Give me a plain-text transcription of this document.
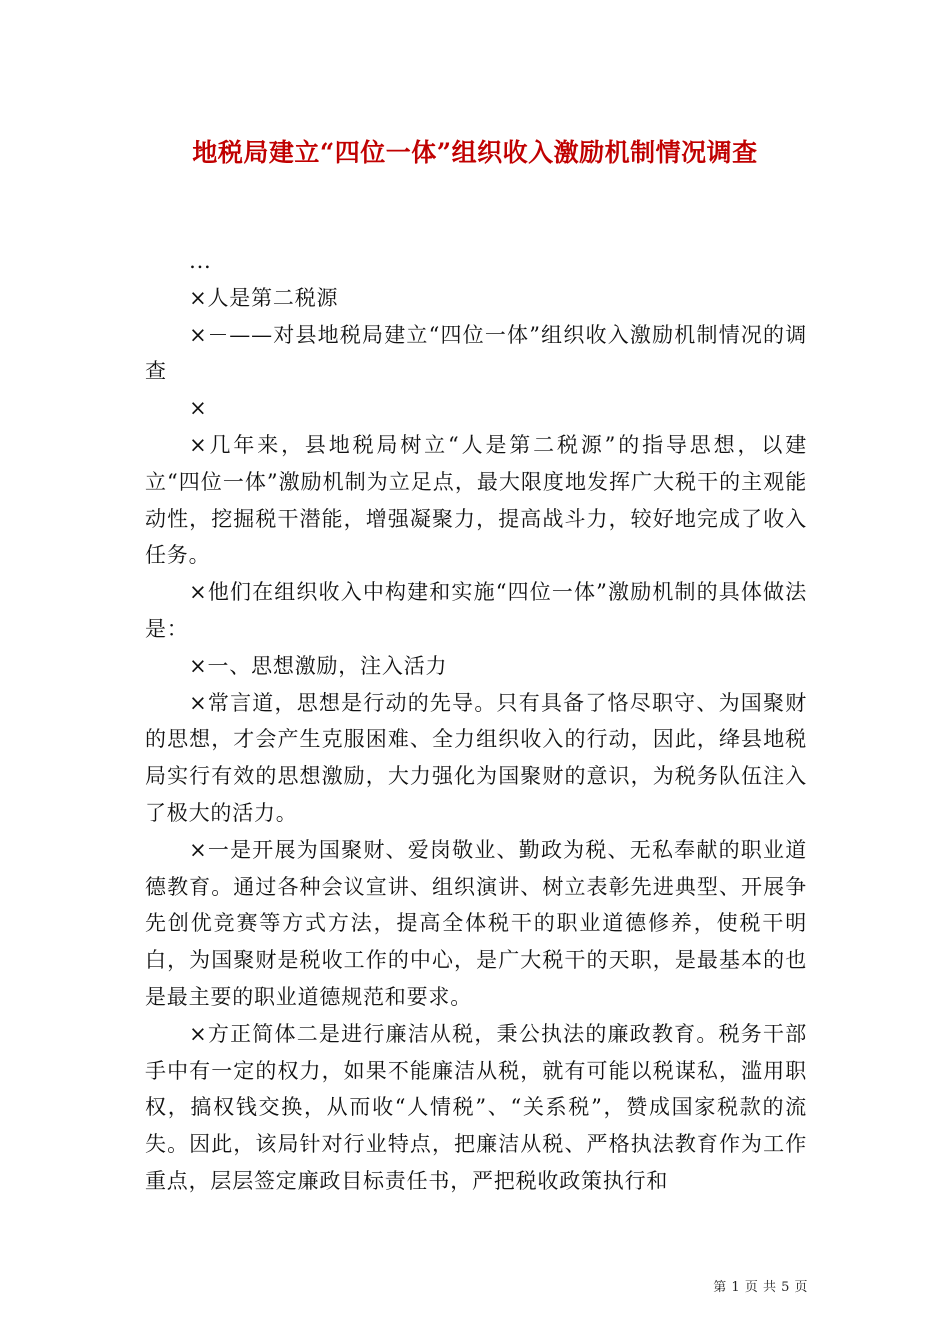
地税局建立“四位一体”组织收入激励机制情况调查

...

×人是第二税源

×－——对县地税局建立“四位一体”组织收入激励机制情况的调查

×

×几年来，县地税局树立“人是第二税源”的指导思想，以建立“四位一体”激励机制为立足点，最大限度地发挥广大税干的主观能动性，挖掘税干潜能，增强凝聚力，提高战斗力，较好地完成了收入任务。

×他们在组织收入中构建和实施“四位一体”激励机制的具体做法是：

×一、思想激励，注入活力

×常言道，思想是行动的先导。只有具备了恪尽职守、为国聚财的思想，才会产生克服困难、全力组织收入的行动，因此，绛县地税局实行有效的思想激励，大力强化为国聚财的意识，为税务队伍注入了极大的活力。

×一是开展为国聚财、爱岗敬业、勤政为税、无私奉献的职业道德教育。通过各种会议宣讲、组织演讲、树立表彰先进典型、开展争先创优竞赛等方式方法，提高全体税干的职业道德修养，使税干明白，为国聚财是税收工作的中心，是广大税干的天职，是最基本的也是最主要的职业道德规范和要求。

×方正简体二是进行廉洁从税，秉公执法的廉政教育。税务干部手中有一定的权力，如果不能廉洁从税，就有可能以税谋私，滥用职权，搞权钱交换，从而收“人情税”、“关系税”，赞成国家税款的流失。因此，该局针对行业特点，把廉洁从税、严格执法教育作为工作重点，层层签定廉政目标责任书，严把税收政策执行和

第 1 页 共 5 页
